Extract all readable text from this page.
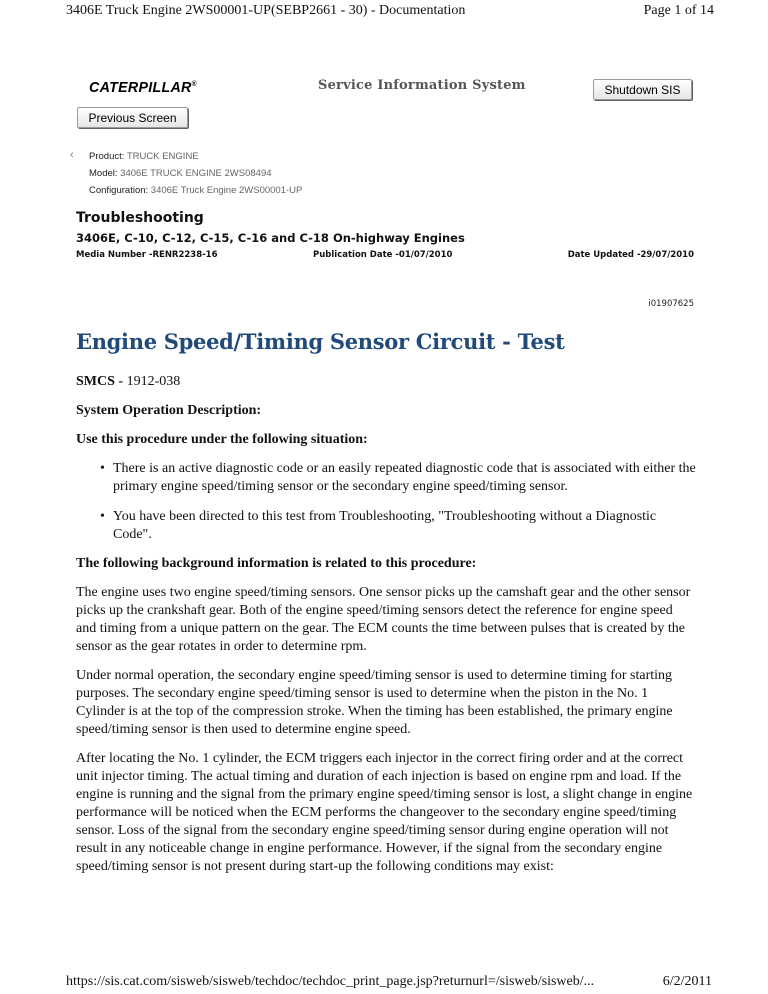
3406E Truck Engine 2WS00001-UP(SEBP2661 - 30) - Documentation	Page 1 of 14
CATERPILLAR®	Service Information System	Shutdown SIS
Previous Screen
‹	Product: TRUCK ENGINE
Model: 3406E TRUCK ENGINE 2WS08494
Configuration: 3406E Truck Engine 2WS00001-UP
Troubleshooting
3406E, C-10, C-12, C-15, C-16 and C-18 On-highway Engines
Media Number -RENR2238-16	Publication Date -01/07/2010	Date Updated -29/07/2010
i01907625
Engine Speed/Timing Sensor Circuit - Test

SMCS - 1912-038

System Operation Description:

Use this procedure under the following situation:

• There is an active diagnostic code or an easily repeated diagnostic code that is associated with either the primary engine speed/timing sensor or the secondary engine speed/timing sensor.
• You have been directed to this test from Troubleshooting, "Troubleshooting without a Diagnostic Code".

The following background information is related to this procedure:

The engine uses two engine speed/timing sensors. One sensor picks up the camshaft gear and the other sensor picks up the crankshaft gear. Both of the engine speed/timing sensors detect the reference for engine speed and timing from a unique pattern on the gear. The ECM counts the time between pulses that is created by the sensor as the gear rotates in order to determine rpm.

Under normal operation, the secondary engine speed/timing sensor is used to determine timing for starting purposes. The secondary engine speed/timing sensor is used to determine when the piston in the No. 1 Cylinder is at the top of the compression stroke. When the timing has been established, the primary engine speed/timing sensor is then used to determine engine speed.

After locating the No. 1 cylinder, the ECM triggers each injector in the correct firing order and at the correct unit injector timing. The actual timing and duration of each injection is based on engine rpm and load. If the engine is running and the signal from the primary engine speed/timing sensor is lost, a slight change in engine performance will be noticed when the ECM performs the changeover to the secondary engine speed/timing sensor. Loss of the signal from the secondary engine speed/timing sensor during engine operation will not result in any noticeable change in engine performance. However, if the signal from the secondary engine speed/timing sensor is not present during start-up the following conditions may exist:

https://sis.cat.com/sisweb/sisweb/techdoc/techdoc_print_page.jsp?returnurl=/sisweb/sisweb/...	6/2/2011
